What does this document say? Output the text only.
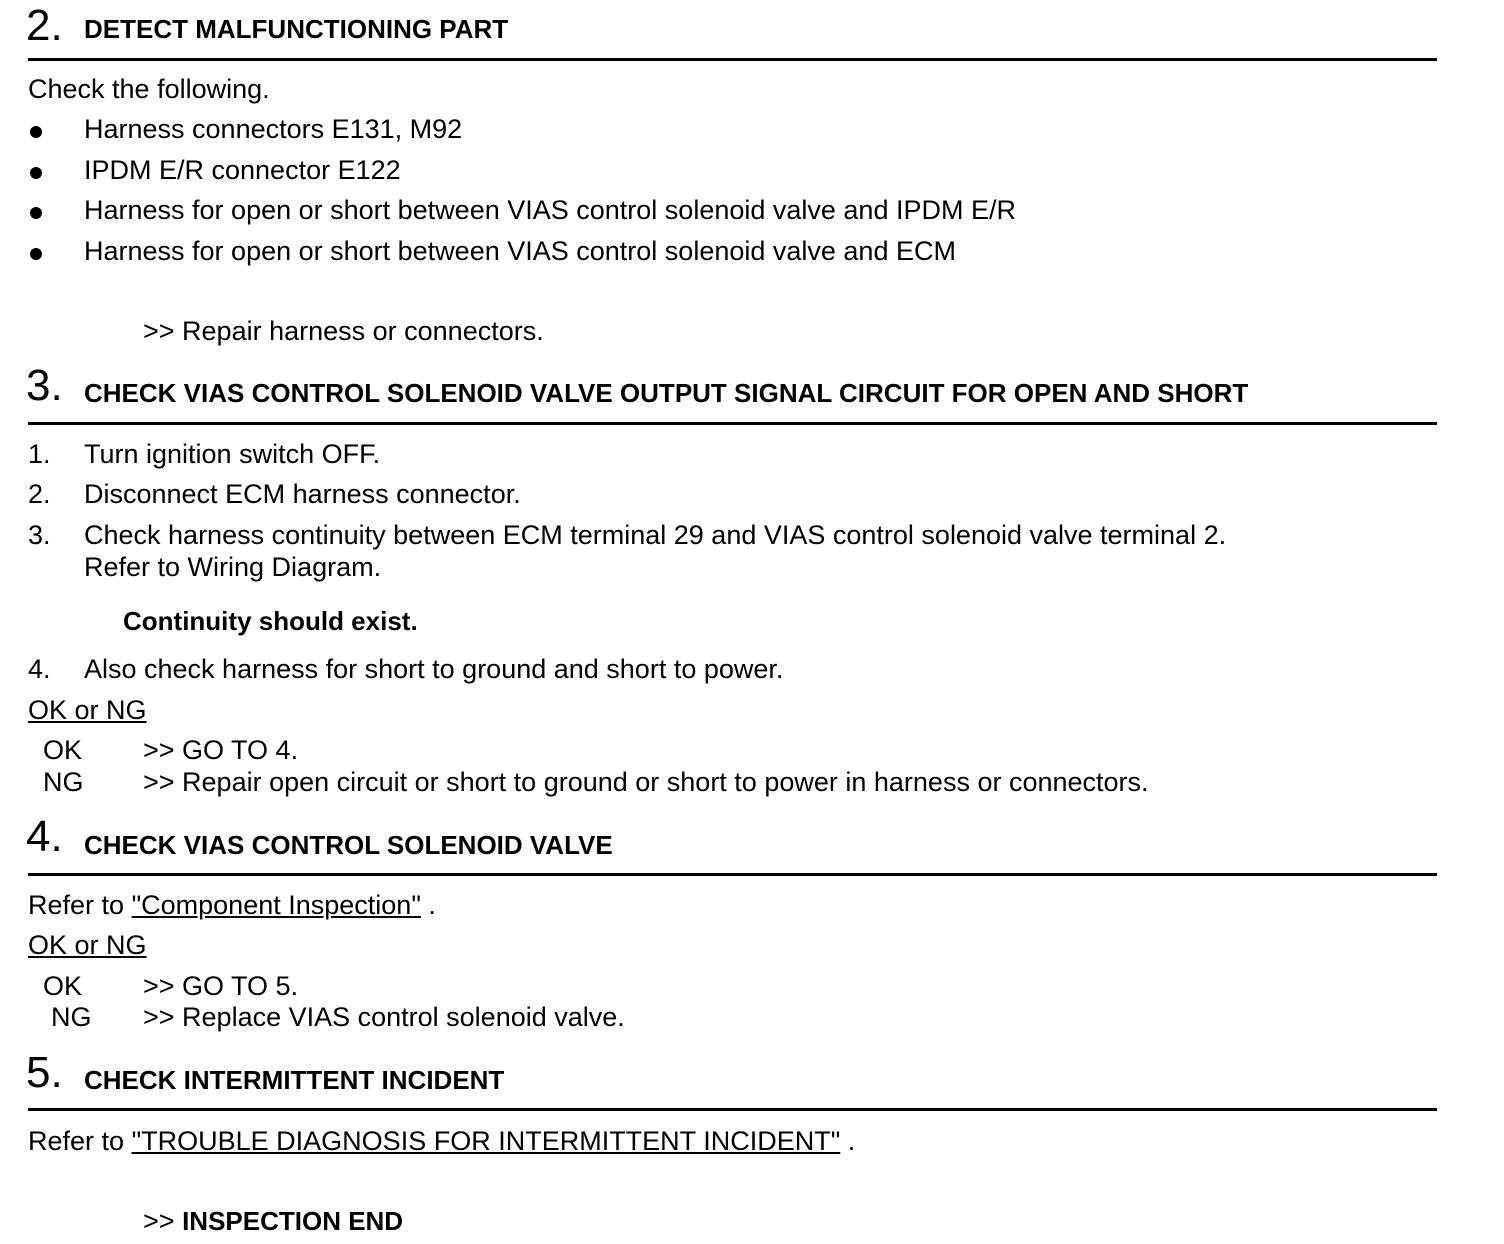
2. DETECT MALFUNCTIONING PART
Check the following.
Harness connectors E131, M92
IPDM E/R connector E122
Harness for open or short between VIAS control solenoid valve and IPDM E/R
Harness for open or short between VIAS control solenoid valve and ECM
>> Repair harness or connectors.
3. CHECK VIAS CONTROL SOLENOID VALVE OUTPUT SIGNAL CIRCUIT FOR OPEN AND SHORT
1. Turn ignition switch OFF.
2. Disconnect ECM harness connector.
3. Check harness continuity between ECM terminal 29 and VIAS control solenoid valve terminal 2.
Refer to Wiring Diagram.
Continuity should exist.
4. Also check harness for short to ground and short to power.
OK or NG
OK >> GO TO 4.
NG >> Repair open circuit or short to ground or short to power in harness or connectors.
4. CHECK VIAS CONTROL SOLENOID VALVE
Refer to "Component Inspection" .
OK or NG
OK >> GO TO 5.
NG >> Replace VIAS control solenoid valve.
5. CHECK INTERMITTENT INCIDENT
Refer to "TROUBLE DIAGNOSIS FOR INTERMITTENT INCIDENT" .
>> INSPECTION END
